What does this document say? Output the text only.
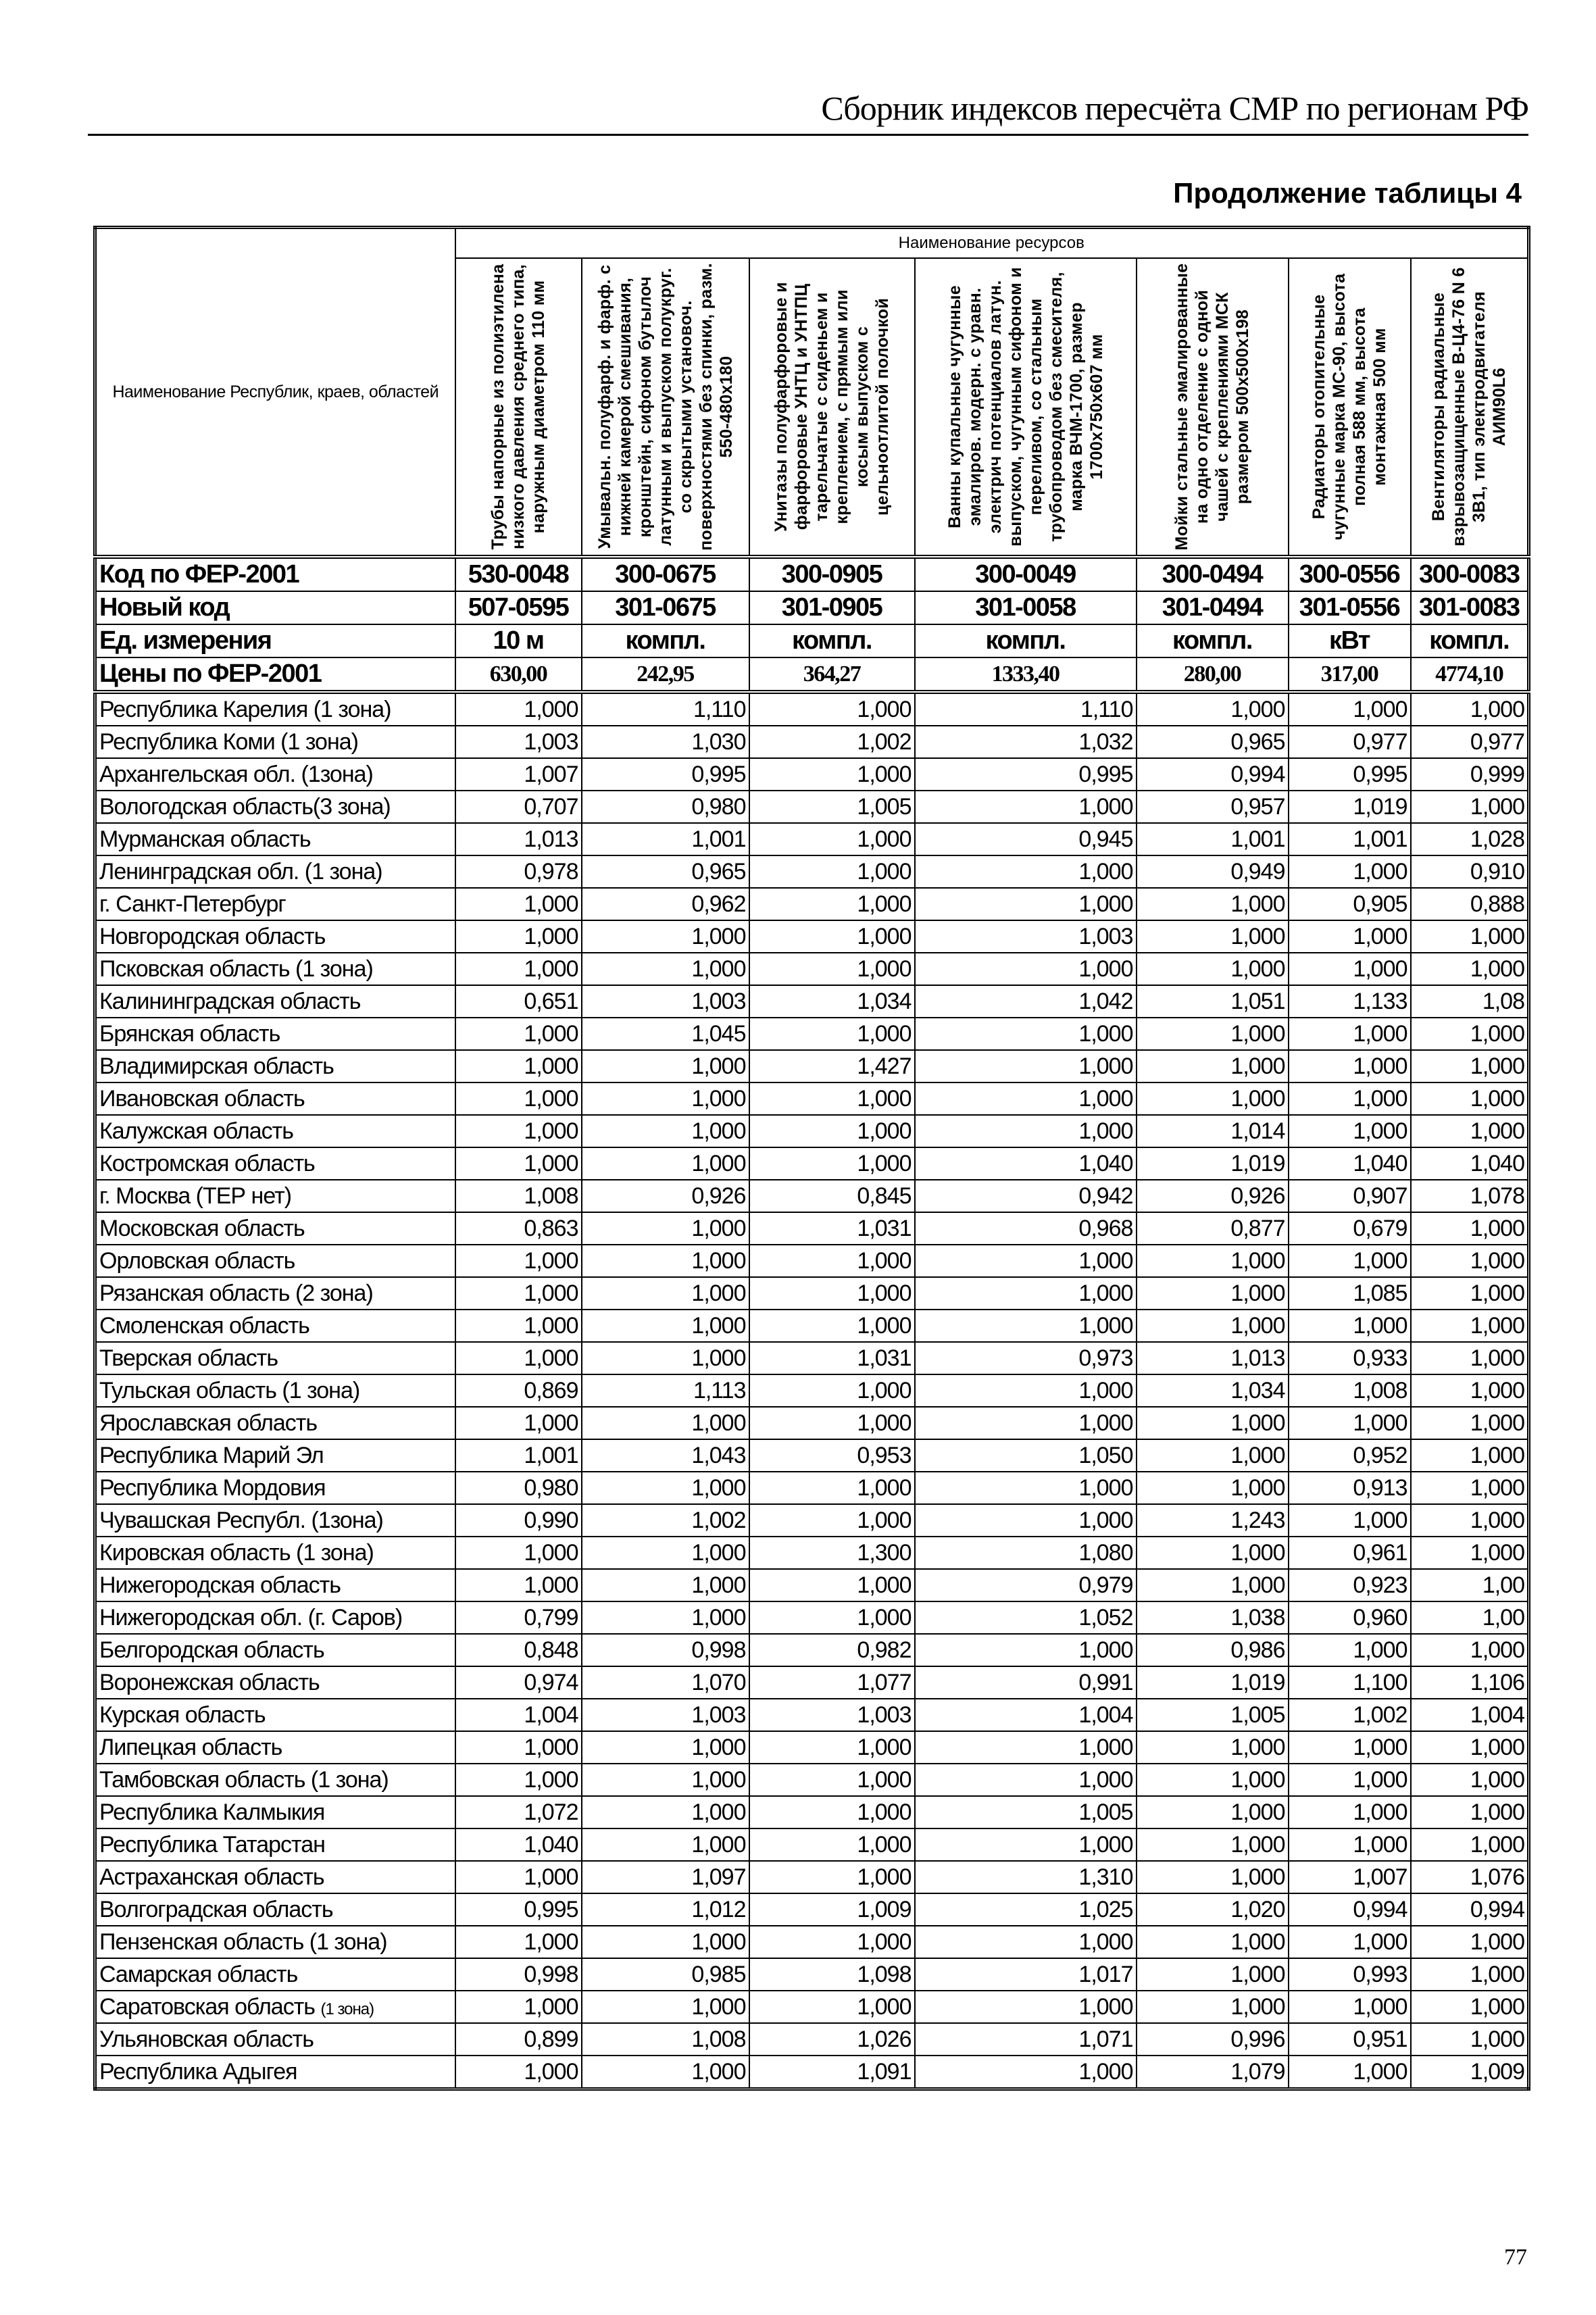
Сборник индексов пересчёта СМР по регионам РФ
Продолжение таблицы 4
Наименование Республик, краев, областей	Наименование ресурсов						

	Трубы напорные из полиэтилена низкого давления среднего типа, наружным диаметром 110 мм	Умывальн. полуфарф. и фарф. с нижней камерой смешивания, кронштейн, сифоном бутылоч латунным и выпуском полукруг. со скрытыми установоч. поверхностями без спинки, разм. 550-480х180	Унитазы полуфарфоровые и фарфоровые УНТЦ и УНТПЦ тарельчатые с сиденьем и креплением, с прямым или косым выпуском с цельноотлитой полочкой	Ванны купальные чугунные эмалиров. модерн. с уравн. электрич потенциалов латун. выпуском, чугунным сифоном и переливом, со стальным трубопроводом без смесителя, марка ВЧМ-1700, размер 1700х750х607 мм	Мойки стальные эмалированные на одно отделение с одной чашей с креплениями МСК размером 500х500х198	Радиаторы отопительные чугунные марка МС-90, высота полная 588 мм, высота монтажная 500 мм	Вентиляторы радиальные взрывозащищенные В-Ц4-76 N 6 3В1, тип электродвигателя АИМ90L6

Код по ФЕР-2001	530-0048	300-0675	300-0905	300-0049	300-0494	300-0556	300-0083
Новый код	507-0595	301-0675	301-0905	301-0058	301-0494	301-0556	301-0083
Ед. измерения	10 м	компл.	компл.	компл.	компл.	кВт	компл.
Цены по ФЕР-2001	630,00	242,95	364,27	1333,40	280,00	317,00	4774,10
Республика Карелия (1 зона)	1,000	1,110	1,000	1,110	1,000	1,000	1,000
Республика Коми (1 зона)	1,003	1,030	1,002	1,032	0,965	0,977	0,977
Архангельская обл. (1зона)	1,007	0,995	1,000	0,995	0,994	0,995	0,999
Вологодская область(3 зона)	0,707	0,980	1,005	1,000	0,957	1,019	1,000
Мурманская область	1,013	1,001	1,000	0,945	1,001	1,001	1,028
Ленинградская обл. (1 зона)	0,978	0,965	1,000	1,000	0,949	1,000	0,910
г. Санкт-Петербург	1,000	0,962	1,000	1,000	1,000	0,905	0,888
Новгородская область	1,000	1,000	1,000	1,003	1,000	1,000	1,000
Псковская область (1 зона)	1,000	1,000	1,000	1,000	1,000	1,000	1,000
Калининградская область	0,651	1,003	1,034	1,042	1,051	1,133	1,08
Брянская область	1,000	1,045	1,000	1,000	1,000	1,000	1,000
Владимирская область	1,000	1,000	1,427	1,000	1,000	1,000	1,000
Ивановская область	1,000	1,000	1,000	1,000	1,000	1,000	1,000
Калужская область	1,000	1,000	1,000	1,000	1,014	1,000	1,000
Костромская область	1,000	1,000	1,000	1,040	1,019	1,040	1,040
г. Москва (ТЕР нет)	1,008	0,926	0,845	0,942	0,926	0,907	1,078
Московская область	0,863	1,000	1,031	0,968	0,877	0,679	1,000
Орловская область	1,000	1,000	1,000	1,000	1,000	1,000	1,000
Рязанская область (2 зона)	1,000	1,000	1,000	1,000	1,000	1,085	1,000
Смоленская область	1,000	1,000	1,000	1,000	1,000	1,000	1,000
Тверская область	1,000	1,000	1,031	0,973	1,013	0,933	1,000
Тульская область (1 зона)	0,869	1,113	1,000	1,000	1,034	1,008	1,000
Ярославская область	1,000	1,000	1,000	1,000	1,000	1,000	1,000
Республика Марий Эл	1,001	1,043	0,953	1,050	1,000	0,952	1,000
Республика Мордовия	0,980	1,000	1,000	1,000	1,000	0,913	1,000
Чувашская Республ. (1зона)	0,990	1,002	1,000	1,000	1,243	1,000	1,000
Кировская область (1 зона)	1,000	1,000	1,300	1,080	1,000	0,961	1,000
Нижегородская область	1,000	1,000	1,000	0,979	1,000	0,923	1,00
Нижегородская обл. (г. Саров)	0,799	1,000	1,000	1,052	1,038	0,960	1,00
Белгородская область	0,848	0,998	0,982	1,000	0,986	1,000	1,000
Воронежская область	0,974	1,070	1,077	0,991	1,019	1,100	1,106
Курская область	1,004	1,003	1,003	1,004	1,005	1,002	1,004
Липецкая область	1,000	1,000	1,000	1,000	1,000	1,000	1,000
Тамбовская область (1 зона)	1,000	1,000	1,000	1,000	1,000	1,000	1,000
Республика Калмыкия	1,072	1,000	1,000	1,005	1,000	1,000	1,000
Республика Татарстан	1,040	1,000	1,000	1,000	1,000	1,000	1,000
Астраханская область	1,000	1,097	1,000	1,310	1,000	1,007	1,076
Волгоградская область	0,995	1,012	1,009	1,025	1,020	0,994	0,994
Пензенская область (1 зона)	1,000	1,000	1,000	1,000	1,000	1,000	1,000
Самарская область	0,998	0,985	1,098	1,017	1,000	0,993	1,000
Саратовская область (1 зона)	1,000	1,000	1,000	1,000	1,000	1,000	1,000
Ульяновская область	0,899	1,008	1,026	1,071	0,996	0,951	1,000
Республика Адыгея	1,000	1,000	1,091	1,000	1,079	1,000	1,009
77
